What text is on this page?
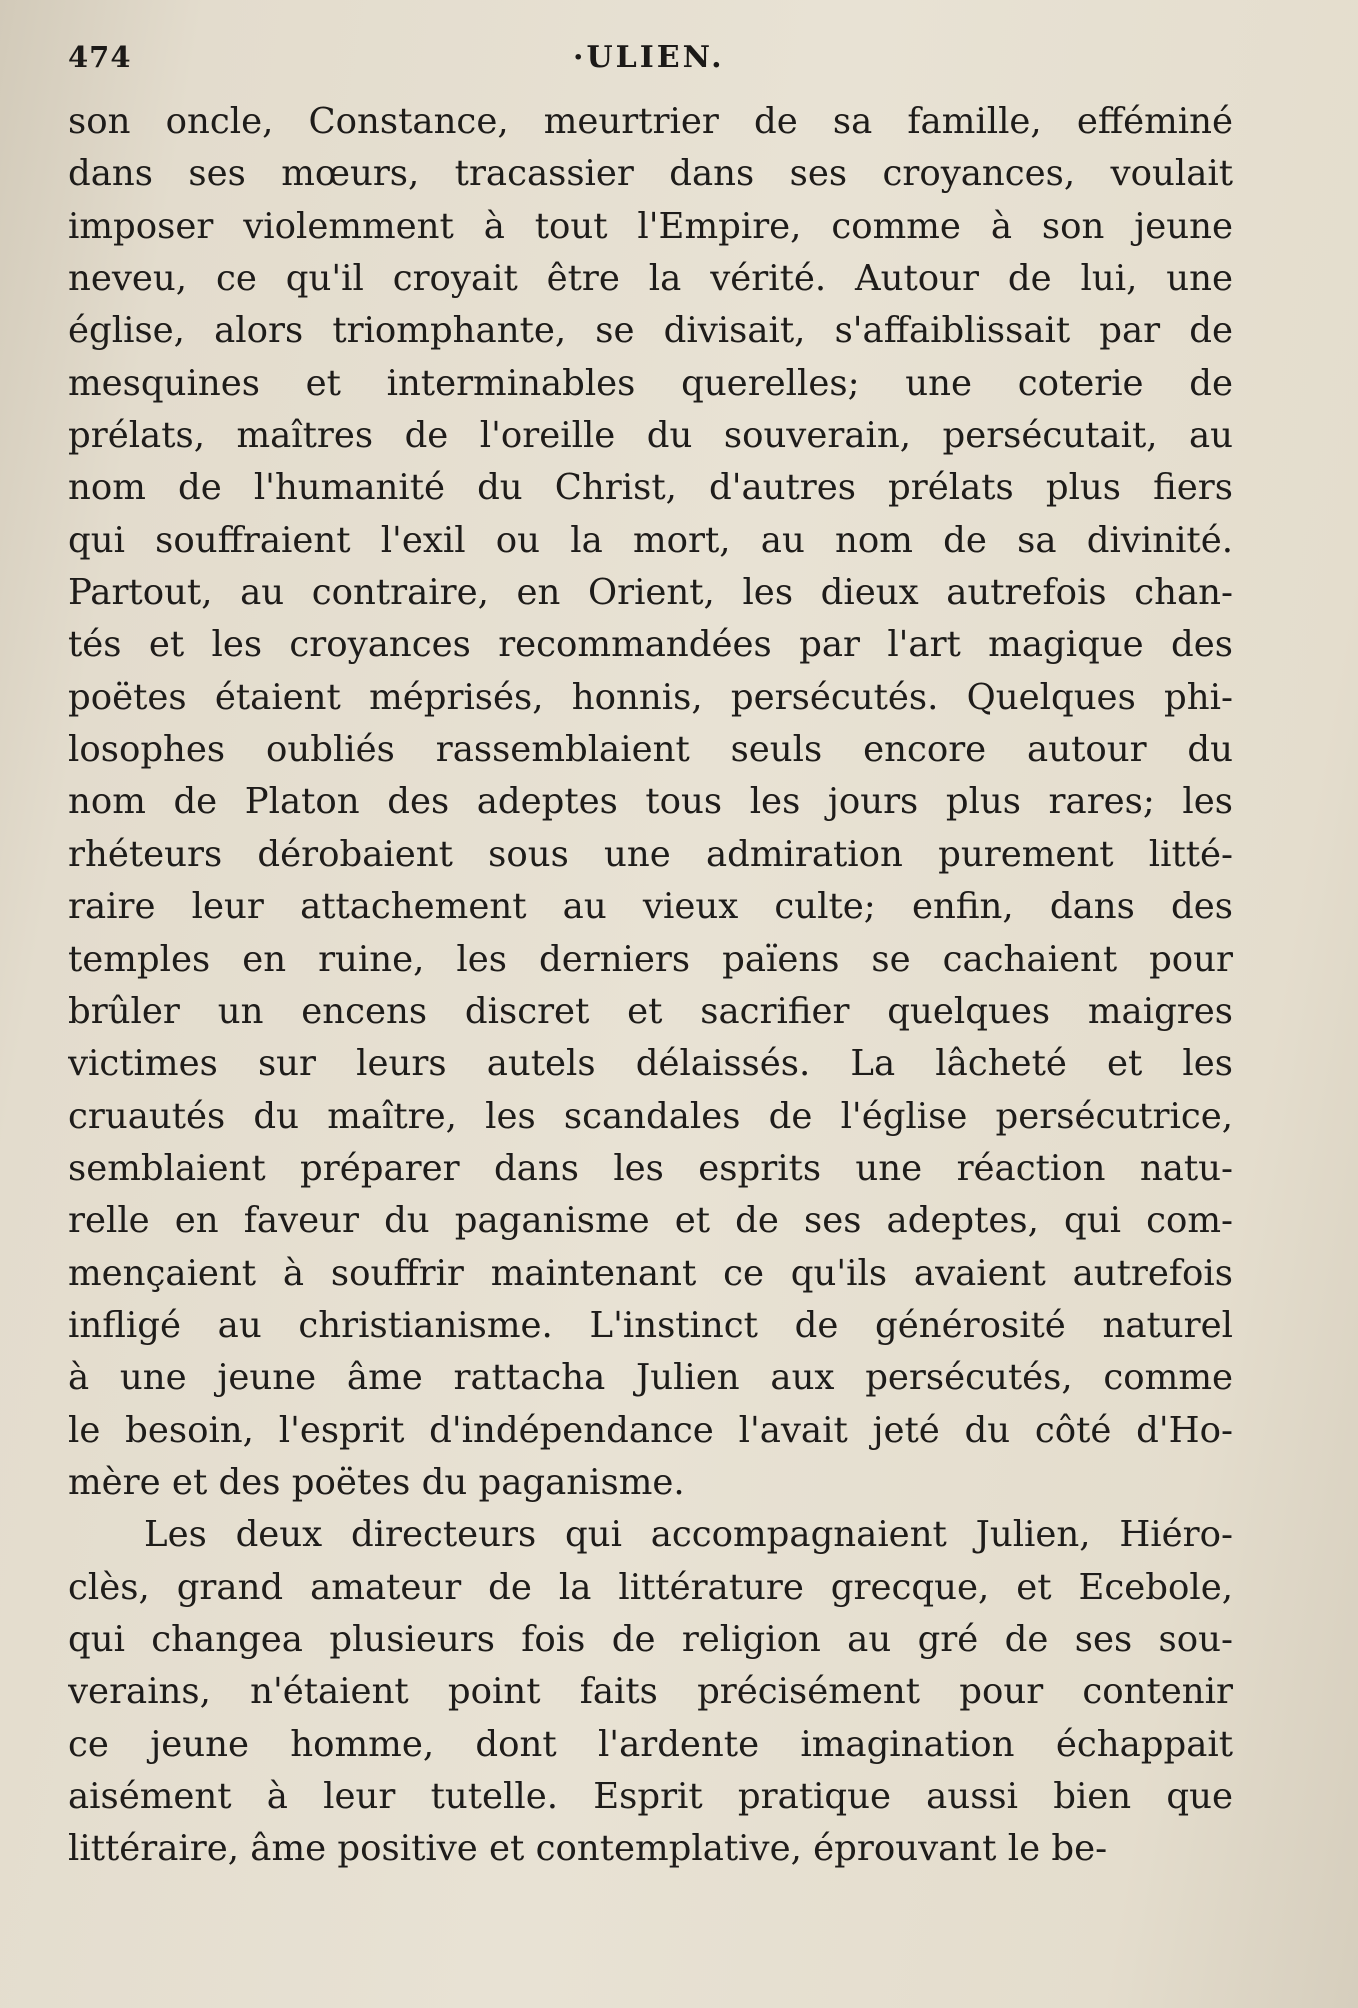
474	·ULIEN.
son oncle, Constance, meurtrier de sa famille, efféminé
dans ses mœurs, tracassier dans ses croyances, voulait
imposer violemment à tout l'Empire, comme à son jeune
neveu, ce qu'il croyait être la vérité. Autour de lui, une
église, alors triomphante, se divisait, s'affaiblissait par de
mesquines et interminables querelles; une coterie de
prélats, maîtres de l'oreille du souverain, persécutait, au
nom de l'humanité du Christ, d'autres prélats plus fiers
qui souffraient l'exil ou la mort, au nom de sa divinité.
Partout, au contraire, en Orient, les dieux autrefois chan-
tés et les croyances recommandées par l'art magique des
poëtes étaient méprisés, honnis, persécutés. Quelques phi-
losophes oubliés rassemblaient seuls encore autour du
nom de Platon des adeptes tous les jours plus rares; les
rhéteurs dérobaient sous une admiration purement litté-
raire leur attachement au vieux culte; enfin, dans des
temples en ruine, les derniers païens se cachaient pour
brûler un encens discret et sacrifier quelques maigres
victimes sur leurs autels délaissés. La lâcheté et les
cruautés du maître, les scandales de l'église persécutrice,
semblaient préparer dans les esprits une réaction natu-
relle en faveur du paganisme et de ses adeptes, qui com-
mençaient à souffrir maintenant ce qu'ils avaient autrefois
infligé au christianisme. L'instinct de générosité naturel
à une jeune âme rattacha Julien aux persécutés, comme
le besoin, l'esprit d'indépendance l'avait jeté du côté d'Ho-
mère et des poëtes du paganisme.
Les deux directeurs qui accompagnaient Julien, Hiéro-
clès, grand amateur de la littérature grecque, et Ecebole,
qui changea plusieurs fois de religion au gré de ses sou-
verains, n'étaient point faits précisément pour contenir
ce jeune homme, dont l'ardente imagination échappait
aisément à leur tutelle. Esprit pratique aussi bien que
littéraire, âme positive et contemplative, éprouvant le be-
